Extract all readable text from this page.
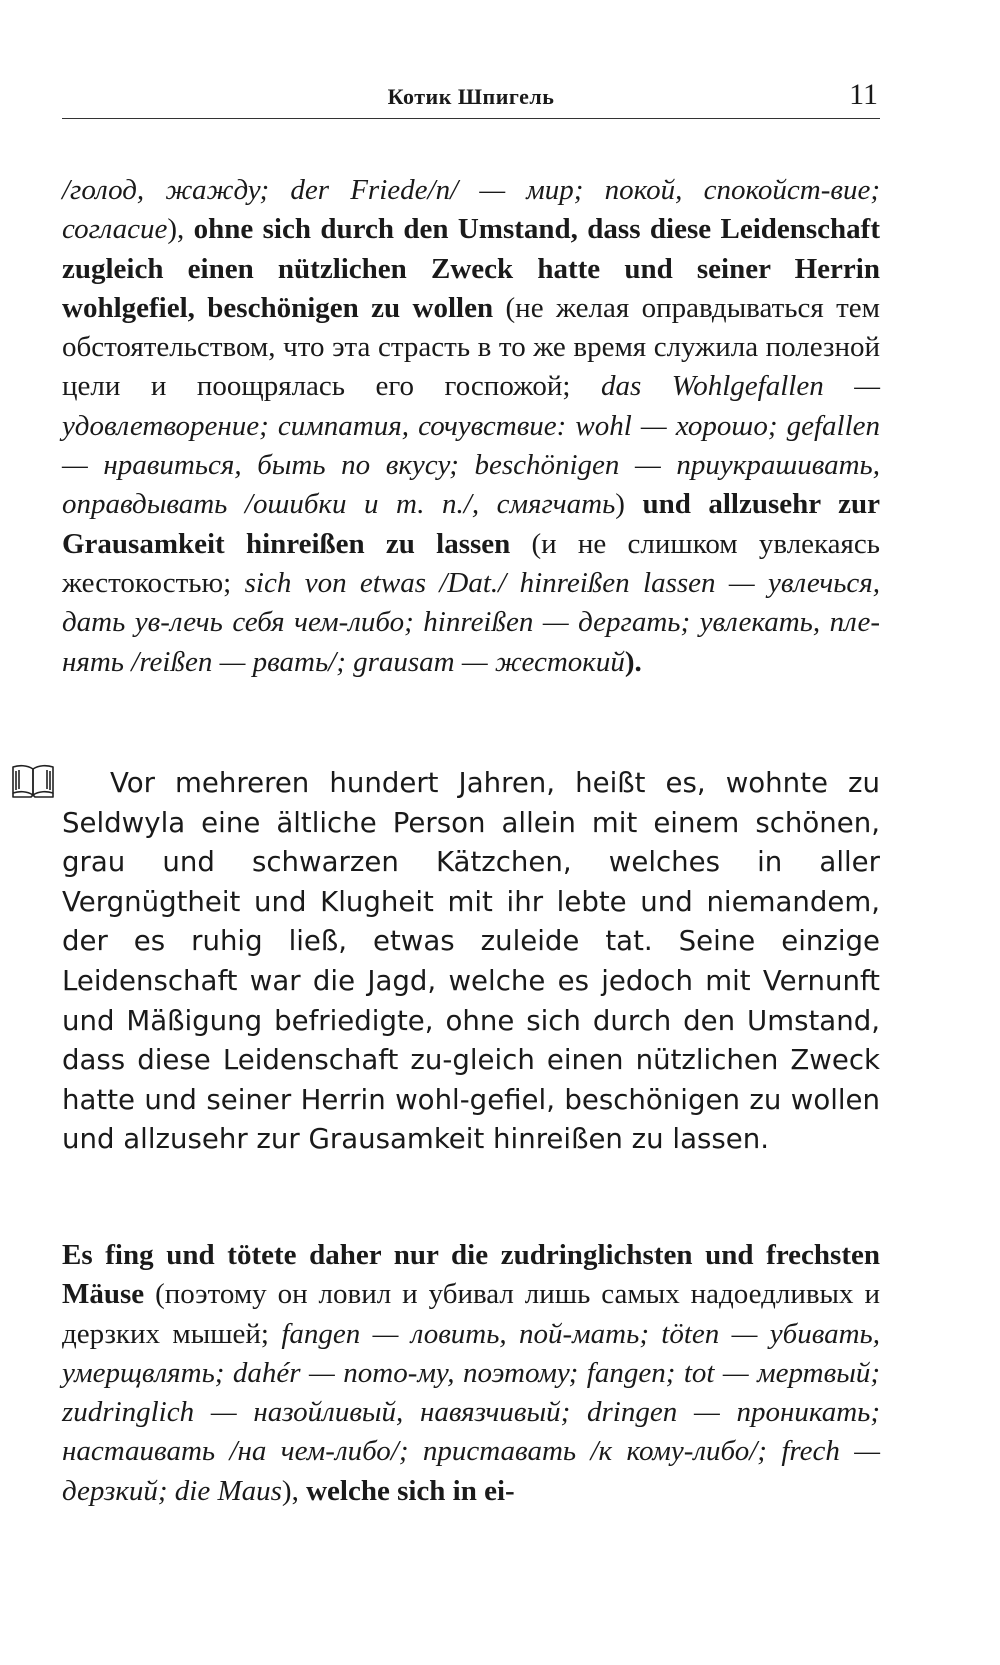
Котик Шпигель	11

/голод, жажду; der Friede/n/ — мир; покой, спокойст-вие; согласие), ohne sich durch den Umstand, dass diese Leidenschaft zugleich einen nützlichen Zweck hatte und seiner Herrin wohlgefiel, beschönigen zu wollen (не желая оправдываться тем обстоятельством, что эта страсть в то же время служила полезной цели и поощрялась его госпожой; das Wohlgefallen — удовлетворение; симпатия, сочувствие: wohl — хорошо; gefallen — нравиться, быть по вкусу; beschönigen — приукрашивать, оправдывать /ошибки и т. п./, смягчать) und allzusehr zur Grausamkeit hinreißen zu lassen (и не слишком увлекаясь жестокостью; sich von etwas /Dat./ hinreißen lassen — увлечься, дать ув-лечь себя чем-либо; hinreißen — дергать; увлекать, пле-нять /reißen — рвать/; grausam — жестокий).

Vor mehreren hundert Jahren, heißt es, wohnte zu Seldwyla eine ältliche Person allein mit einem schönen, grau und schwarzen Kätzchen, welches in aller Vergnügtheit und Klugheit mit ihr lebte und niemandem, der es ruhig ließ, etwas zuleide tat. Seine einzige Leidenschaft war die Jagd, welche es jedoch mit Vernunft und Mäßigung befriedigte, ohne sich durch den Umstand, dass diese Leidenschaft zu-gleich einen nützlichen Zweck hatte und seiner Herrin wohl-gefiel, beschönigen zu wollen und allzusehr zur Grausamkeit hinreißen zu lassen.

Es fing und tötete daher nur die zudringlichsten und frechsten Mäuse (поэтому он ловил и убивал лишь самых надоедливых и дерзких мышей; fangen — ловить, пой-мать; töten — убивать, умерщвлять; dahér — пото-му, поэтому; fangen; tot — мертвый; zudringlich — назойливый, навязчивый; dringen — проникать; настаивать /на чем-либо/; приставать /к кому-либо/; frech — дерзкий; die Maus), welche sich in ei-
